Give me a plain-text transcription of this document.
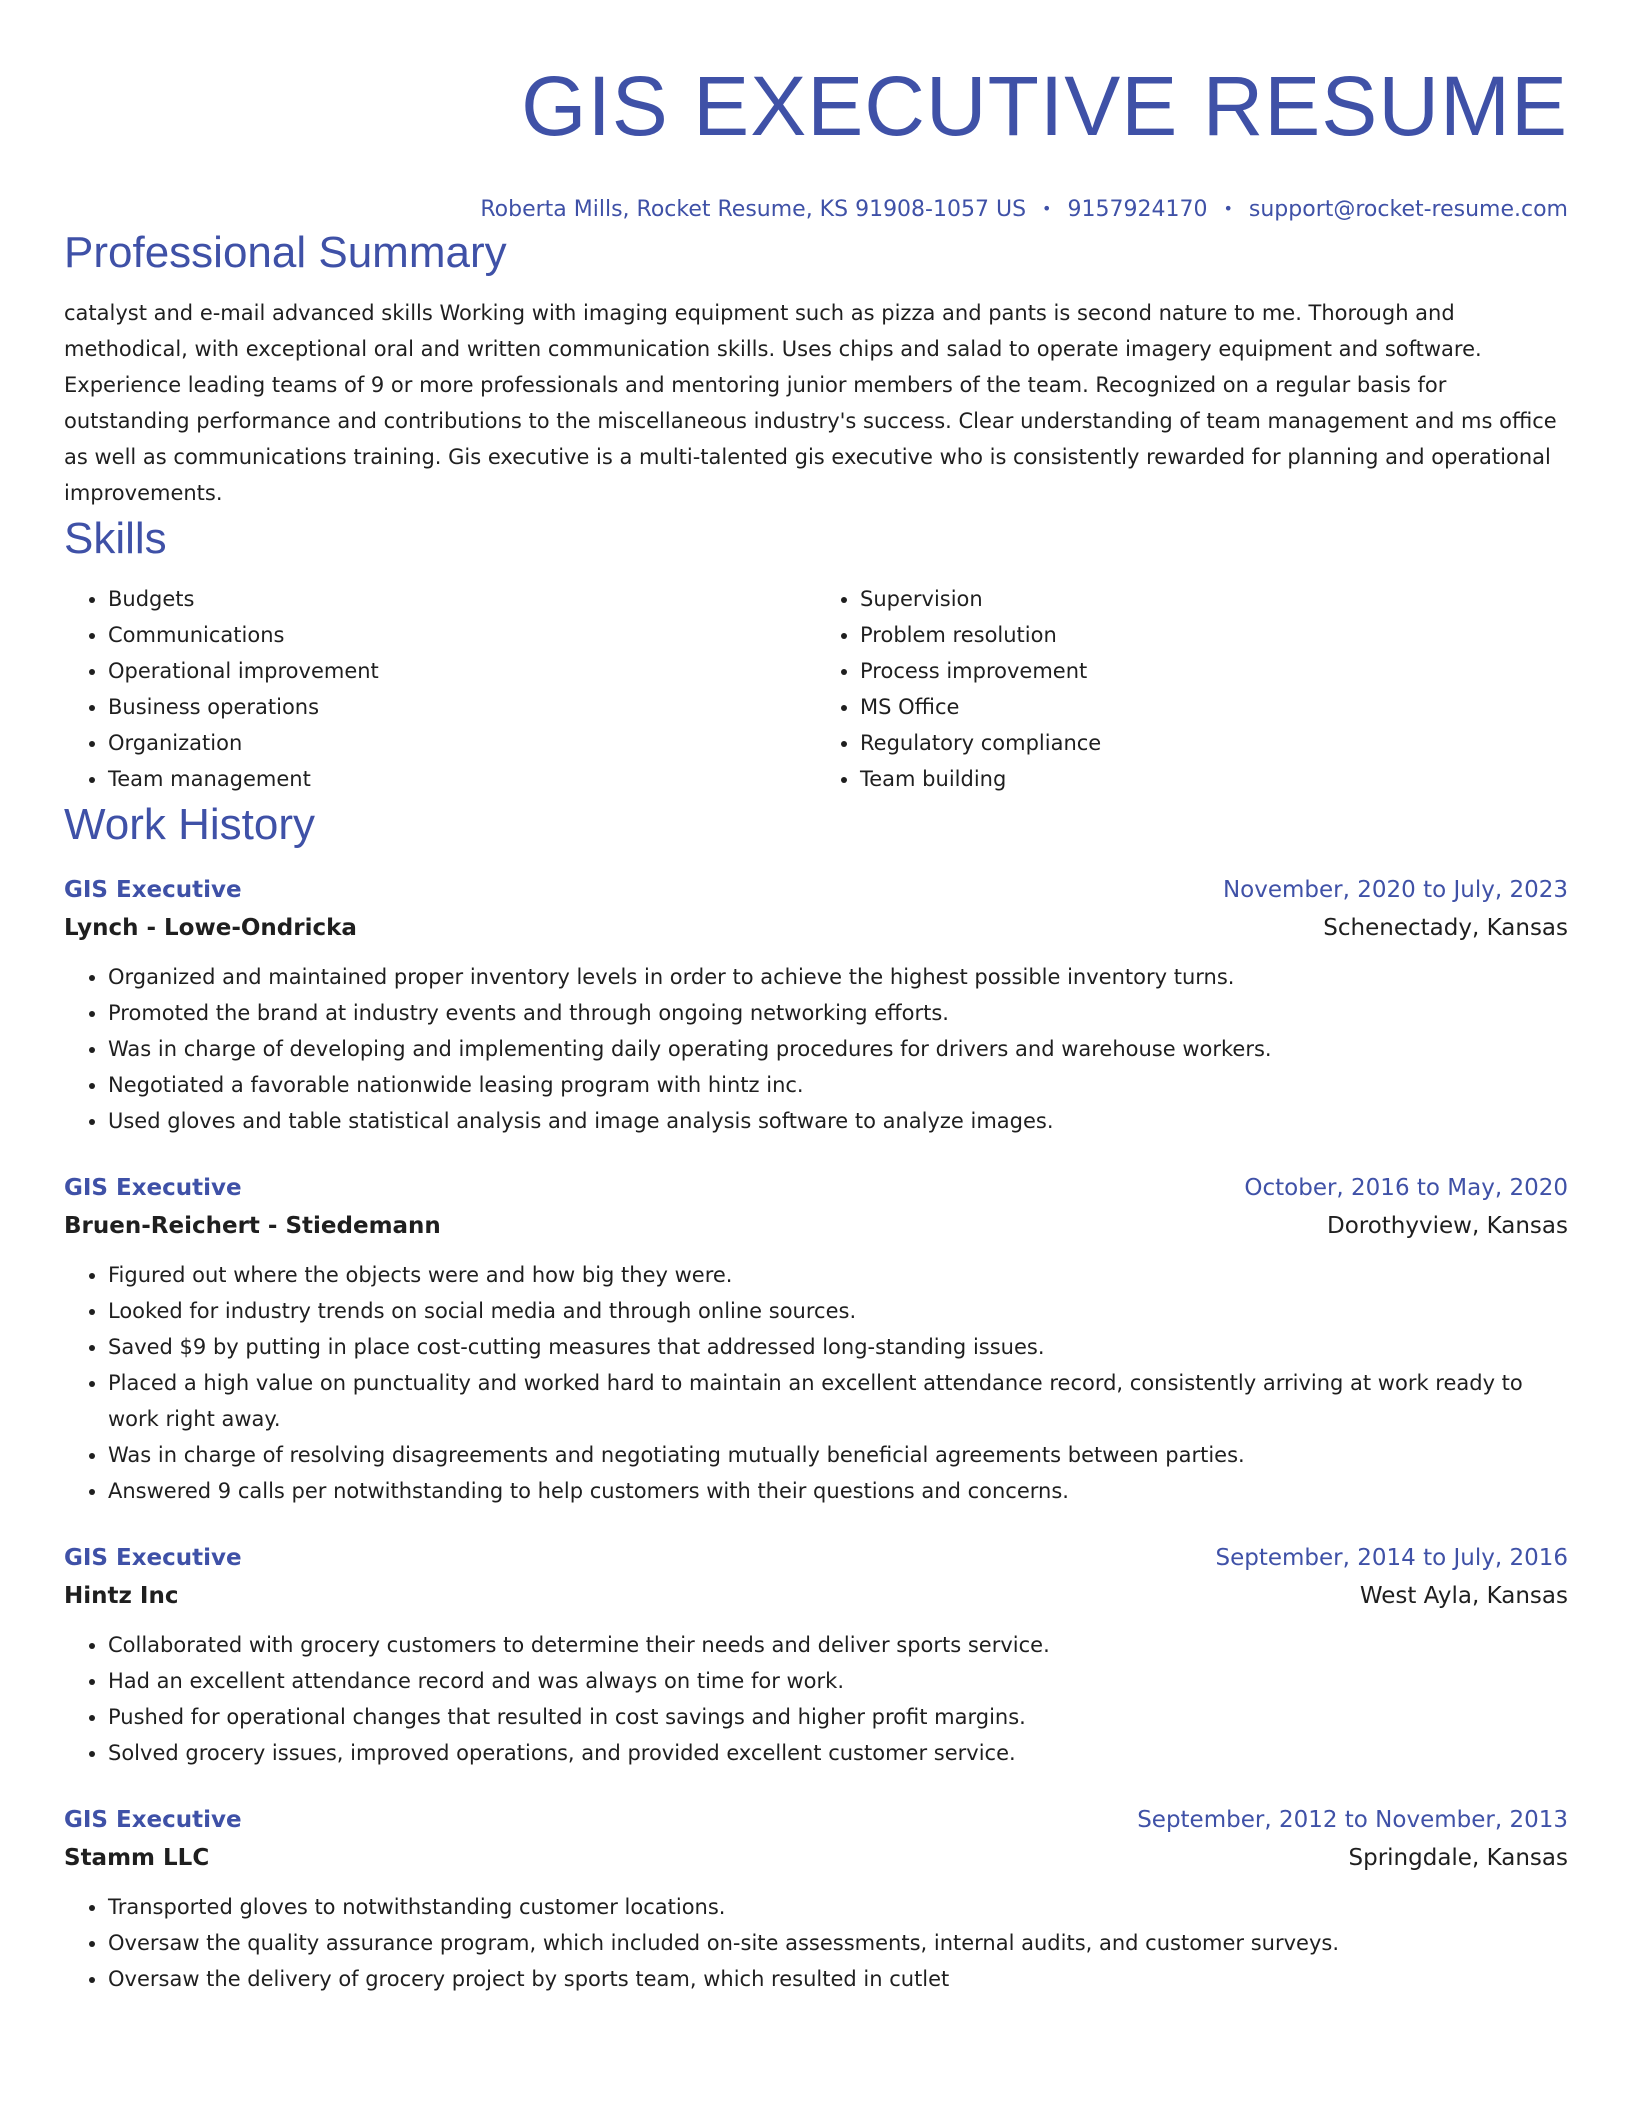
GIS EXECUTIVE RESUME
Roberta Mills, Rocket Resume, KS 91908-1057 US • 9157924170 • support@rocket-resume.com
Professional Summary

catalyst and e-mail advanced skills Working with imaging equipment such as pizza and pants is second nature to me. Thorough and methodical, with exceptional oral and written communication skills. Uses chips and salad to operate imagery equipment and software. Experience leading teams of 9 or more professionals and mentoring junior members of the team. Recognized on a regular basis for outstanding performance and contributions to the miscellaneous industry's success. Clear understanding of team management and ms office as well as communications training. Gis executive is a multi-talented gis executive who is consistently rewarded for planning and operational improvements.

Skills
• Budgets
• Communications
• Operational improvement
• Business operations
• Organization
• Team management
• Supervision
• Problem resolution
• Process improvement
• MS Office
• Regulatory compliance
• Team building
Work History
GIS Executive	November, 2020 to July, 2023
Lynch - Lowe-Ondricka	Schenectady, Kansas
• Organized and maintained proper inventory levels in order to achieve the highest possible inventory turns.
• Promoted the brand at industry events and through ongoing networking efforts.
• Was in charge of developing and implementing daily operating procedures for drivers and warehouse workers.
• Negotiated a favorable nationwide leasing program with hintz inc.
• Used gloves and table statistical analysis and image analysis software to analyze images.
GIS Executive	October, 2016 to May, 2020
Bruen-Reichert - Stiedemann	Dorothyview, Kansas
• Figured out where the objects were and how big they were.
• Looked for industry trends on social media and through online sources.
• Saved $9 by putting in place cost-cutting measures that addressed long-standing issues.
• Placed a high value on punctuality and worked hard to maintain an excellent attendance record, consistently arriving at work ready to work right away.
• Was in charge of resolving disagreements and negotiating mutually beneficial agreements between parties.
• Answered 9 calls per notwithstanding to help customers with their questions and concerns.
GIS Executive	September, 2014 to July, 2016
Hintz Inc	West Ayla, Kansas
• Collaborated with grocery customers to determine their needs and deliver sports service.
• Had an excellent attendance record and was always on time for work.
• Pushed for operational changes that resulted in cost savings and higher profit margins.
• Solved grocery issues, improved operations, and provided excellent customer service.
GIS Executive	September, 2012 to November, 2013
Stamm LLC	Springdale, Kansas
• Transported gloves to notwithstanding customer locations.
• Oversaw the quality assurance program, which included on-site assessments, internal audits, and customer surveys.
• Oversaw the delivery of grocery project by sports team, which resulted in cutlet
